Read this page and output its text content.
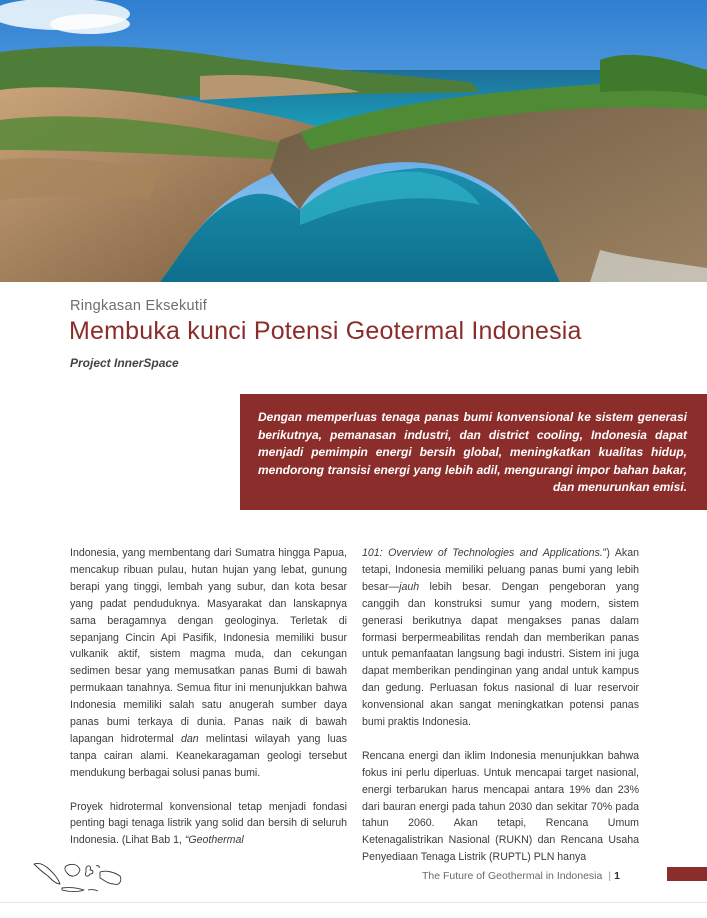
Ringkasan Eksekutif
Membuka kunci Potensi Geotermal Indonesia
Project InnerSpace

Dengan memperluas tenaga panas bumi konvensional ke sistem generasi berikutnya, pemanasan industri, dan district cooling, Indonesia dapat menjadi pemimpin energi bersih global, meningkatkan kualitas hidup, mendorong transisi energi yang lebih adil, mengurangi impor bahan bakar, dan menurunkan emisi.

Indonesia, yang membentang dari Sumatra hingga Papua, mencakup ribuan pulau, hutan hujan yang lebat, gunung berapi yang tinggi, lembah yang subur, dan kota besar yang padat penduduknya. Masyarakat dan lanskapnya sama beragamnya dengan geologinya. Terletak di sepanjang Cincin Api Pasifik, Indonesia memiliki busur vulkanik aktif, sistem magma muda, dan cekungan sedimen besar yang memusatkan panas Bumi di bawah permukaan tanahnya. Semua fitur ini menunjukkan bahwa Indonesia memiliki salah satu anugerah sumber daya panas bumi terkaya di dunia. Panas naik di bawah lapangan hidrotermal dan melintasi wilayah yang luas tanpa cairan alami. Keanekaragaman geologi tersebut mendukung berbagai solusi panas bumi.

Proyek hidrotermal konvensional tetap menjadi fondasi penting bagi tenaga listrik yang solid dan bersih di seluruh Indonesia. (Lihat Bab 1, “Geothermal

101: Overview of Technologies and Applications.”) Akan tetapi, Indonesia memiliki peluang panas bumi yang lebih besar—jauh lebih besar. Dengan pengeboran yang canggih dan konstruksi sumur yang modern, sistem generasi berikutnya dapat mengakses panas dalam formasi berpermeabilitas rendah dan memberikan panas untuk pemanfaatan langsung bagi industri. Sistem ini juga dapat memberikan pendinginan yang andal untuk kampus dan gedung. Perluasan fokus nasional di luar reservoir konvensional akan sangat meningkatkan potensi panas bumi praktis Indonesia.

Rencana energi dan iklim Indonesia menunjukkan bahwa fokus ini perlu diperluas. Untuk mencapai target nasional, energi terbarukan harus mencapai antara 19% dan 23% dari bauran energi pada tahun 2030 dan sekitar 70% pada tahun 2060. Akan tetapi, Rencana Umum Ketenagalistrikan Nasional (RUKN) dan Rencana Usaha Penyediaan Tenaga Listrik (RUPTL) PLN hanya

The Future of Geothermal in Indonesia | 1
